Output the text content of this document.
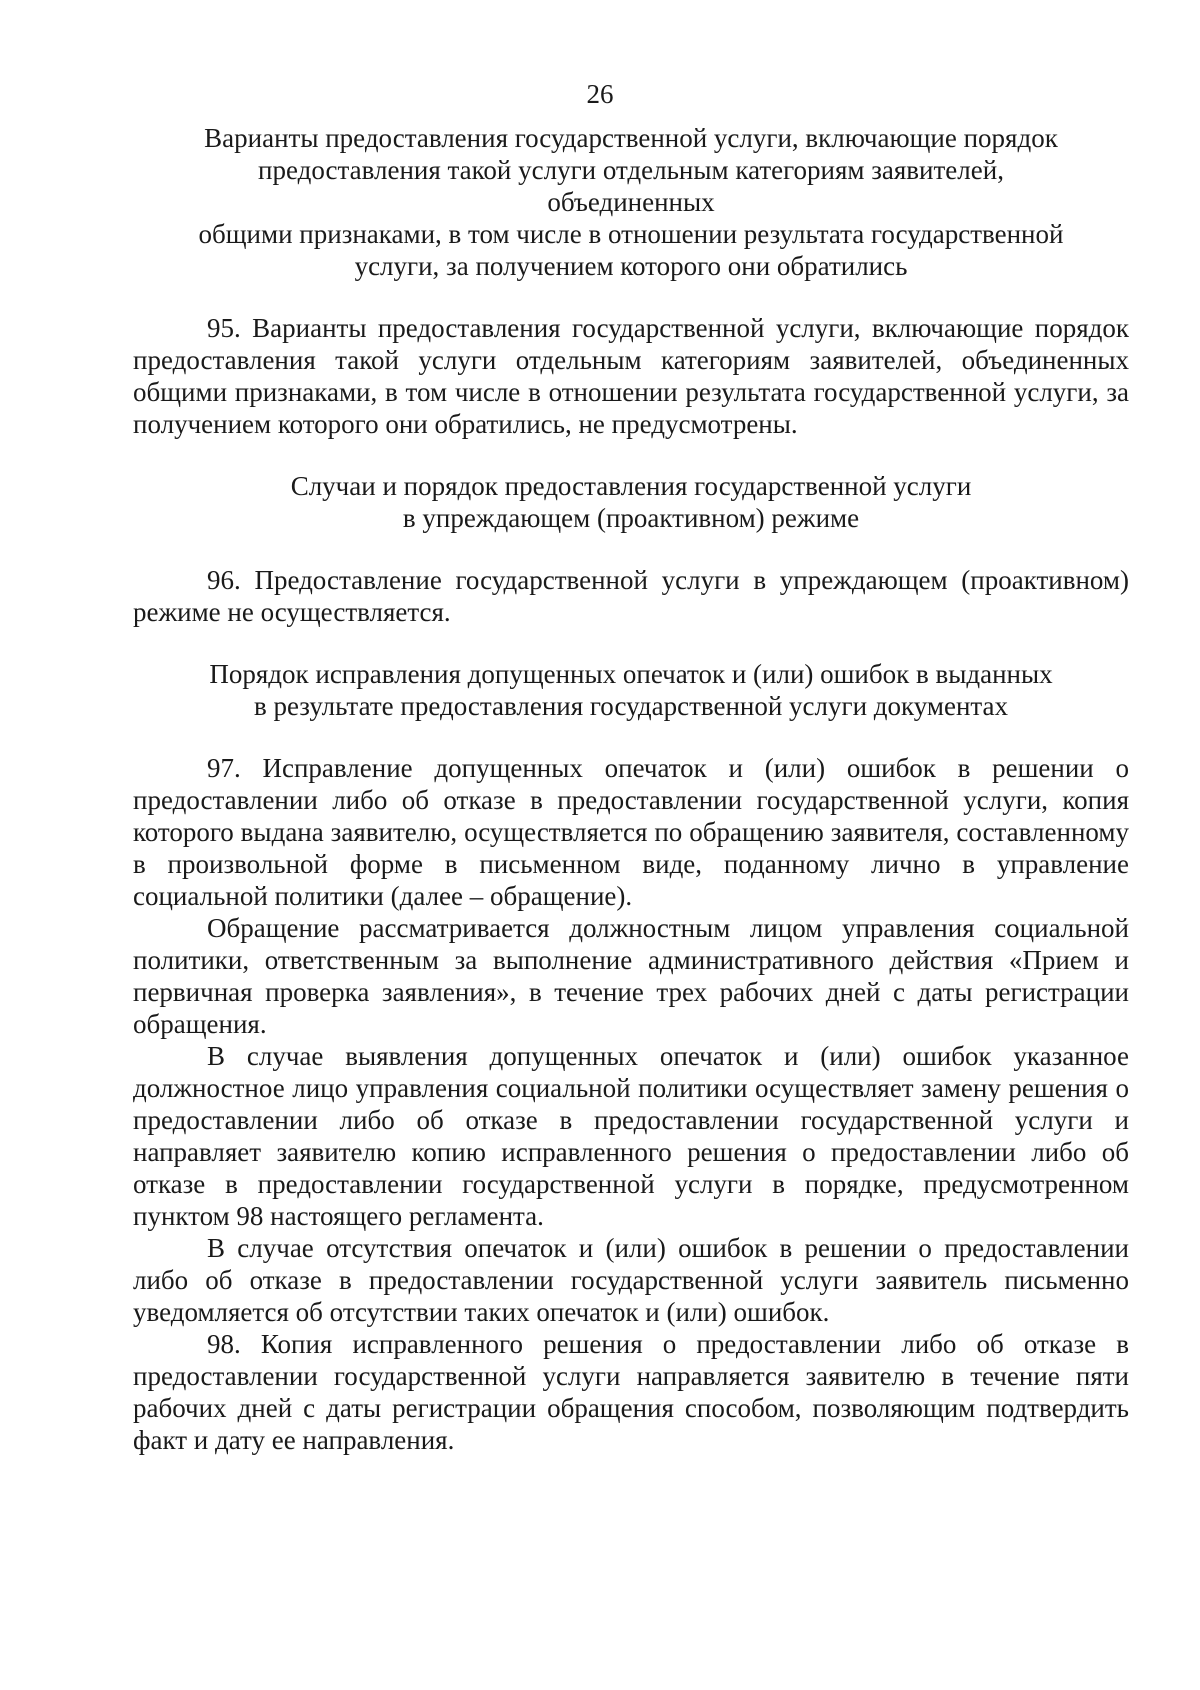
26
Варианты предоставления государственной услуги, включающие порядок
предоставления такой услуги отдельным категориям заявителей, объединенных
общими признаками, в том числе в отношении результата государственной
услуги, за получением которого они обратились

95. Варианты предоставления государственной услуги, включающие порядок предоставления такой услуги отдельным категориям заявителей, объединенных общими признаками, в том числе в отношении результата государственной услуги, за получением которого они обратились, не предусмотрены.

Случаи и порядок предоставления государственной услуги
в упреждающем (проактивном) режиме

96. Предоставление государственной услуги в упреждающем (проактивном) режиме не осуществляется.

Порядок исправления допущенных опечаток и (или) ошибок в выданных
в результате предоставления государственной услуги документах

97. Исправление допущенных опечаток и (или) ошибок в решении о предоставлении либо об отказе в предоставлении государственной услуги, копия которого выдана заявителю, осуществляется по обращению заявителя, составленному в произвольной форме в письменном виде, поданному лично в управление социальной политики (далее – обращение).

Обращение рассматривается должностным лицом управления социальной политики, ответственным за выполнение административного действия «Прием и первичная проверка заявления», в течение трех рабочих дней с даты регистрации обращения.

В случае выявления допущенных опечаток и (или) ошибок указанное должностное лицо управления социальной политики осуществляет замену решения о предоставлении либо об отказе в предоставлении государственной услуги и направляет заявителю копию исправленного решения о предоставлении либо об отказе в предоставлении государственной услуги в порядке, предусмотренном пунктом 98 настоящего регламента.

В случае отсутствия опечаток и (или) ошибок в решении о предоставлении либо об отказе в предоставлении государственной услуги заявитель письменно уведомляется об отсутствии таких опечаток и (или) ошибок.

98. Копия исправленного решения о предоставлении либо об отказе в предоставлении государственной услуги направляется заявителю в течение пяти рабочих дней с даты регистрации обращения способом, позволяющим подтвердить факт и дату ее направления.
